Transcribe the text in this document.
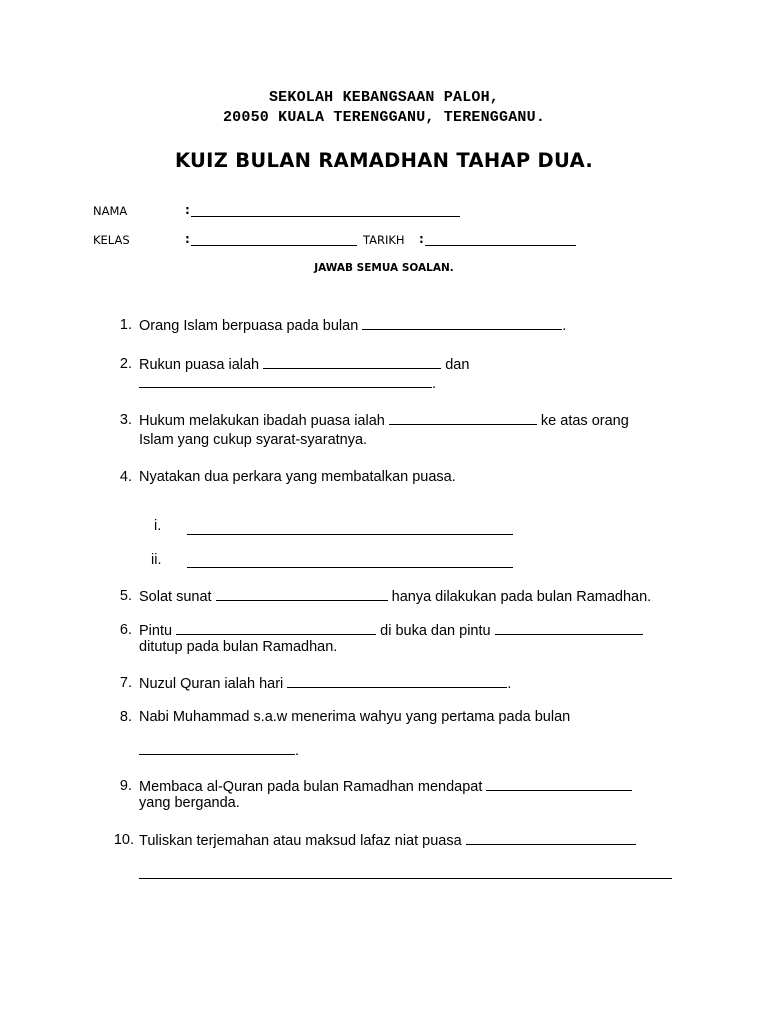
SEKOLAH KEBANGSAAN PALOH,
20050 KUALA TERENGGANU, TERENGGANU.
KUIZ BULAN RAMADHAN TAHAP DUA.
NAMA	:
KELAS	:	TARIKH :
JAWAB SEMUA SOALAN.
1. Orang Islam berpuasa pada bulan	.
2. Rukun puasa ialah	dan
.
3. Hukum melakukan ibadah puasa ialah	ke atas orang
Islam yang cukup syarat-syaratnya.
4. Nyatakan dua perkara yang membatalkan puasa.
i.
ii.
5. Solat sunat	hanya dilakukan pada bulan Ramadhan.
6. Pintu	di buka dan pintu
ditutup pada bulan Ramadhan.
7. Nuzul Quran ialah hari	.
8. Nabi Muhammad s.a.w menerima wahyu yang pertama pada bulan
.
9. Membaca al-Quran pada bulan Ramadhan mendapat
yang berganda.
10. Tuliskan terjemahan atau maksud lafaz niat puasa
